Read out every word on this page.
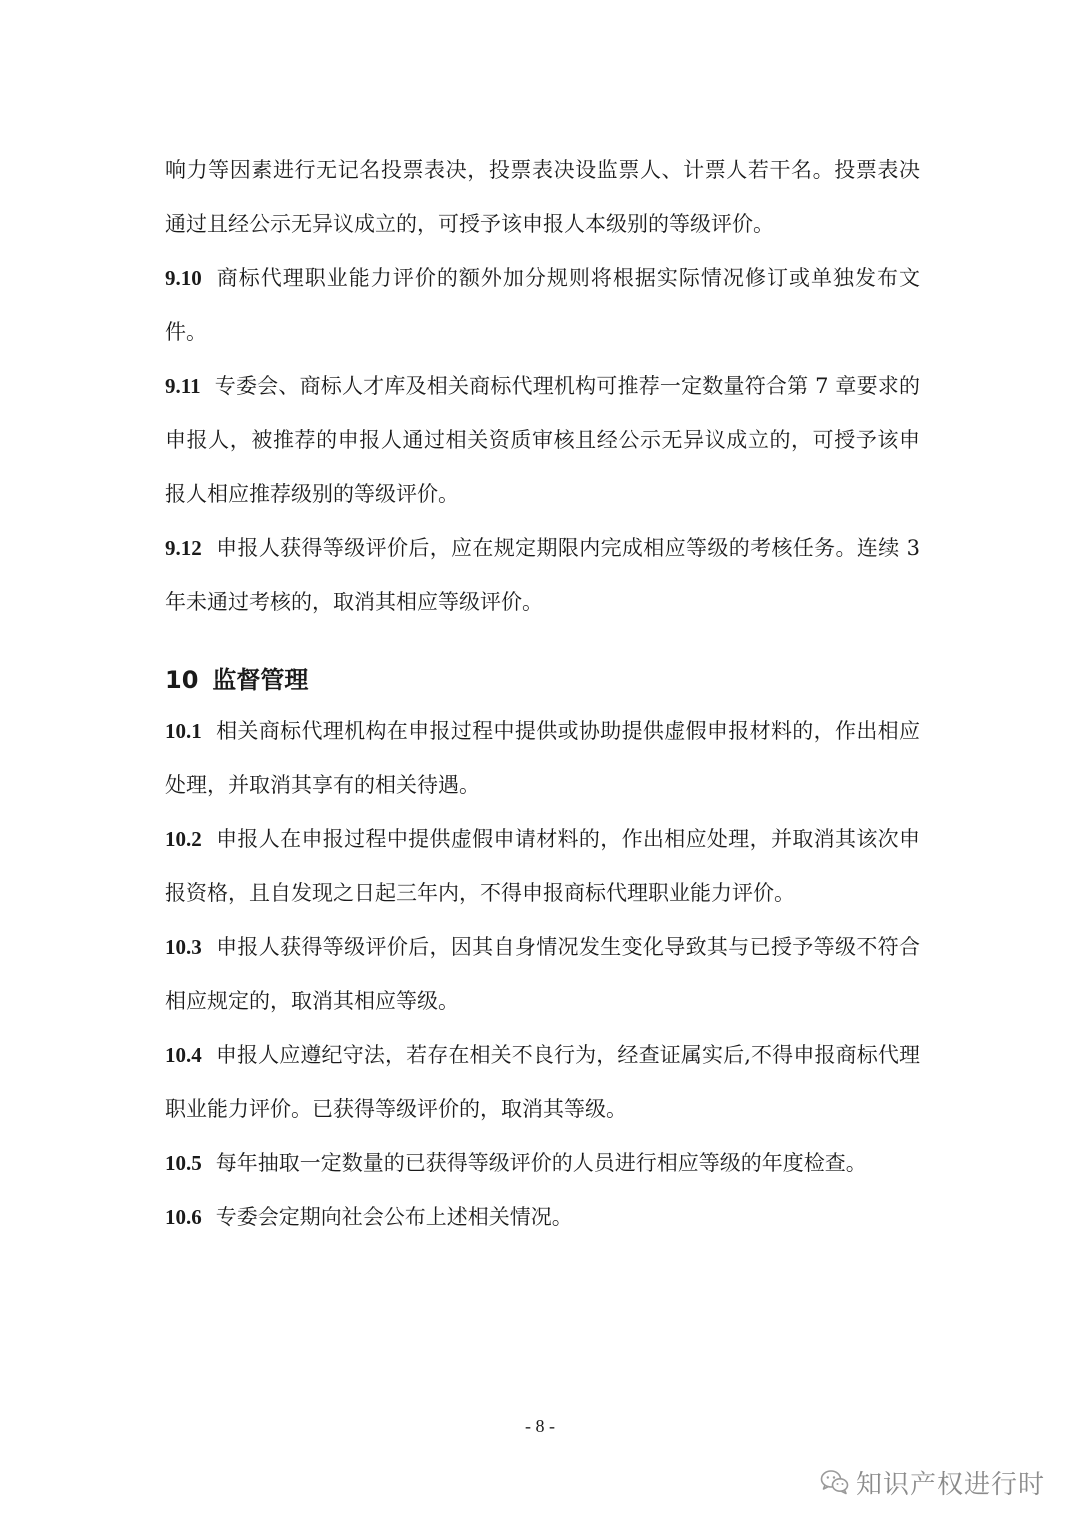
响力等因素进行无记名投票表决，投票表决设监票人、计票人若干名。投票表决通过且经公示无异议成立的，可授予该申报人本级别的等级评价。

9.10 商标代理职业能力评价的额外加分规则将根据实际情况修订或单独发布文件。

9.11 专委会、商标人才库及相关商标代理机构可推荐一定数量符合第 7 章要求的申报人，被推荐的申报人通过相关资质审核且经公示无异议成立的，可授予该申报人相应推荐级别的等级评价。

9.12 申报人获得等级评价后，应在规定期限内完成相应等级的考核任务。连续 3 年未通过考核的，取消其相应等级评价。

10 监督管理

10.1 相关商标代理机构在申报过程中提供或协助提供虚假申报材料的，作出相应处理，并取消其享有的相关待遇。

10.2 申报人在申报过程中提供虚假申请材料的，作出相应处理，并取消其该次申报资格，且自发现之日起三年内，不得申报商标代理职业能力评价。

10.3 申报人获得等级评价后，因其自身情况发生变化导致其与已授予等级不符合相应规定的，取消其相应等级。

10.4 申报人应遵纪守法，若存在相关不良行为，经查证属实后,不得申报商标代理职业能力评价。已获得等级评价的，取消其等级。

10.5 每年抽取一定数量的已获得等级评价的人员进行相应等级的年度检查。

10.6 专委会定期向社会公布上述相关情况。

- 8 -
知识产权进行时
